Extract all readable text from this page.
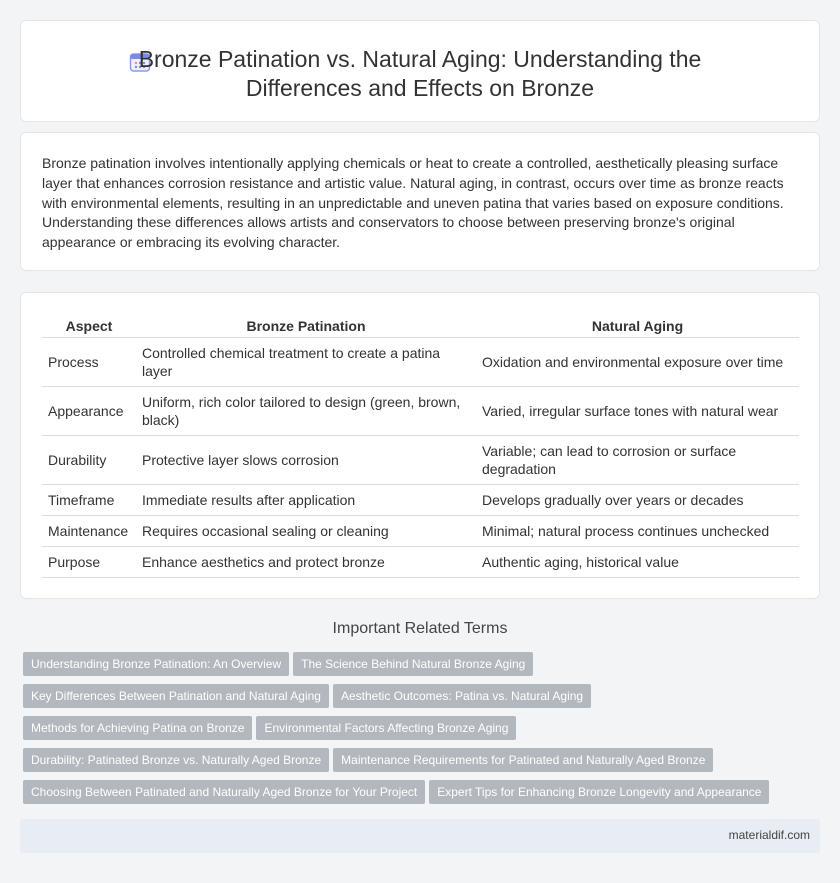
Bronze Patination vs. Natural Aging: Understanding the Differences and Effects on Bronze

Bronze patination involves intentionally applying chemicals or heat to create a controlled, aesthetically pleasing surface layer that enhances corrosion resistance and artistic value. Natural aging, in contrast, occurs over time as bronze reacts with environmental elements, resulting in an unpredictable and uneven patina that varies based on exposure conditions. Understanding these differences allows artists and conservators to choose between preserving bronze's original appearance or embracing its evolving character.

Aspect	Bronze Patination	Natural Aging
Process	Controlled chemical treatment to create a patina layer	Oxidation and environmental exposure over time
Appearance	Uniform, rich color tailored to design (green, brown, black)	Varied, irregular surface tones with natural wear
Durability	Protective layer slows corrosion	Variable; can lead to corrosion or surface degradation
Timeframe	Immediate results after application	Develops gradually over years or decades
Maintenance	Requires occasional sealing or cleaning	Minimal; natural process continues unchecked
Purpose	Enhance aesthetics and protect bronze	Authentic aging, historical value
Important Related Terms
Understanding Bronze Patination: An Overview The Science Behind Natural Bronze Aging
Key Differences Between Patination and Natural Aging Aesthetic Outcomes: Patina vs. Natural Aging
Methods for Achieving Patina on Bronze Environmental Factors Affecting Bronze Aging
Durability: Patinated Bronze vs. Naturally Aged Bronze Maintenance Requirements for Patinated and Naturally Aged Bronze
Choosing Between Patinated and Naturally Aged Bronze for Your Project Expert Tips for Enhancing Bronze Longevity and Appearance
materialdif.com
